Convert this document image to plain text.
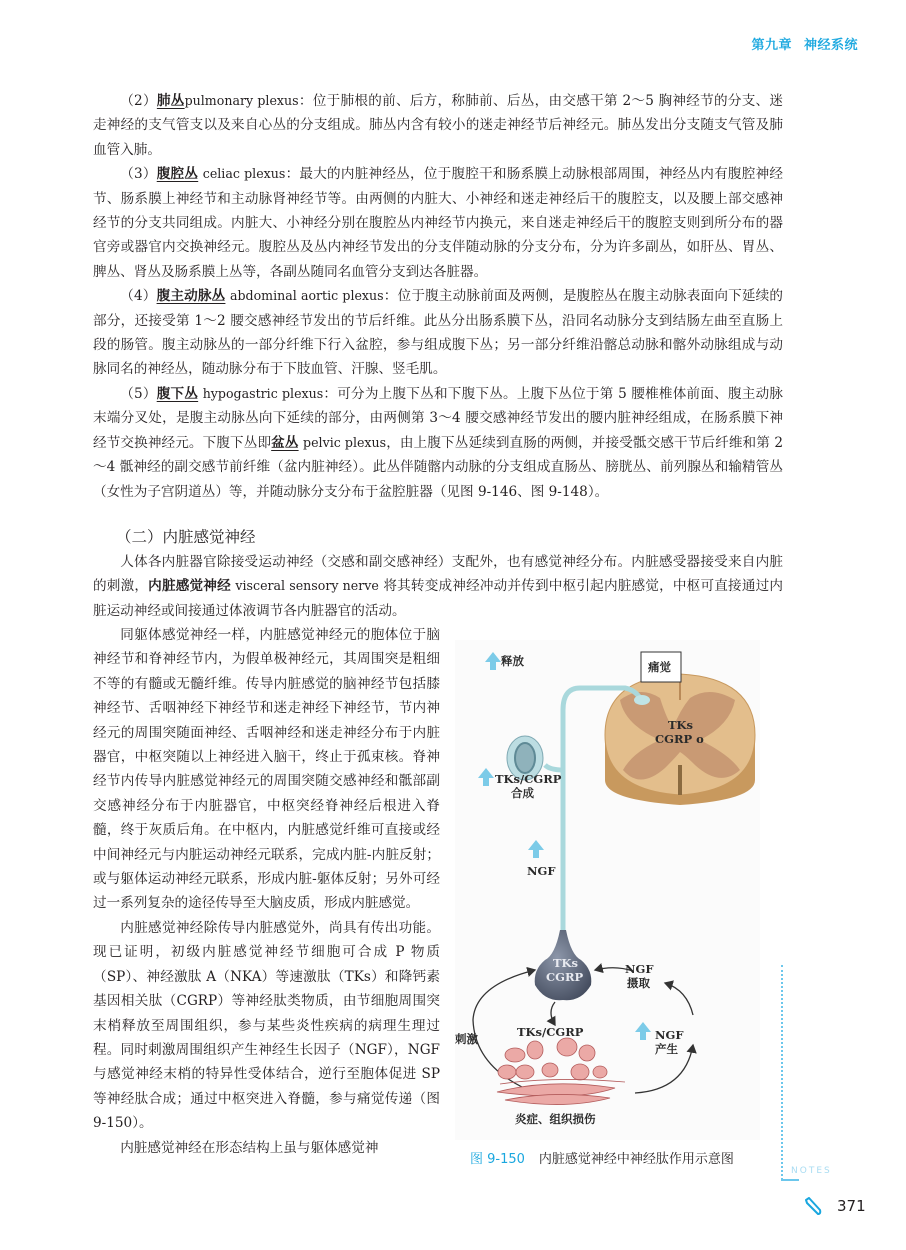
第九章 神经系统

（2）肺丛pulmonary plexus：位于肺根的前、后方，称肺前、后丛，由交感干第 2～5 胸神经节的分支、迷走神经的支气管支以及来自心丛的分支组成。肺丛内含有较小的迷走神经节后神经元。肺丛发出分支随支气管及肺血管入肺。

（3）腹腔丛 celiac plexus：最大的内脏神经丛，位于腹腔干和肠系膜上动脉根部周围，神经丛内有腹腔神经节、肠系膜上神经节和主动脉肾神经节等。由两侧的内脏大、小神经和迷走神经后干的腹腔支，以及腰上部交感神经节的分支共同组成。内脏大、小神经分别在腹腔丛内神经节内换元，来自迷走神经后干的腹腔支则到所分布的器官旁或器官内交换神经元。腹腔丛及丛内神经节发出的分支伴随动脉的分支分布，分为许多副丛，如肝丛、胃丛、脾丛、肾丛及肠系膜上丛等，各副丛随同名血管分支到达各脏器。

（4）腹主动脉丛 abdominal aortic plexus：位于腹主动脉前面及两侧，是腹腔丛在腹主动脉表面向下延续的部分，还接受第 1～2 腰交感神经节发出的节后纤维。此丛分出肠系膜下丛，沿同名动脉分支到结肠左曲至直肠上段的肠管。腹主动脉丛的一部分纤维下行入盆腔，参与组成腹下丛；另一部分纤维沿髂总动脉和髂外动脉组成与动脉同名的神经丛，随动脉分布于下肢血管、汗腺、竖毛肌。

（5）腹下丛 hypogastric plexus：可分为上腹下丛和下腹下丛。上腹下丛位于第 5 腰椎椎体前面、腹主动脉末端分叉处，是腹主动脉丛向下延续的部分，由两侧第 3～4 腰交感神经节发出的腰内脏神经组成，在肠系膜下神经节交换神经元。下腹下丛即盆丛 pelvic plexus，由上腹下丛延续到直肠的两侧，并接受骶交感干节后纤维和第 2～4 骶神经的副交感节前纤维（盆内脏神经）。此丛伴随髂内动脉的分支组成直肠丛、膀胱丛、前列腺丛和输精管丛（女性为子宫阴道丛）等，并随动脉分支分布于盆腔脏器（见图 9-146、图 9-148）。

（二）内脏感觉神经

人体各内脏器官除接受运动神经（交感和副交感神经）支配外，也有感觉神经分布。内脏感受器接受来自内脏的刺激，内脏感觉神经 visceral sensory nerve 将其转变成神经冲动并传到中枢引起内脏感觉，中枢可直接通过内脏运动神经或间接通过体液调节各内脏器官的活动。

同躯体感觉神经一样，内脏感觉神经元的胞体位于脑神经节和脊神经节内，为假单极神经元，其周围突是粗细不等的有髓或无髓纤维。传导内脏感觉的脑神经节包括膝神经节、舌咽神经下神经节和迷走神经下神经节，节内神经元的周围突随面神经、舌咽神经和迷走神经分布于内脏器官，中枢突随以上神经进入脑干，终止于孤束核。脊神经节内传导内脏感觉神经元的周围突随交感神经和骶部副交感神经分布于内脏器官，中枢突经脊神经后根进入脊髓，终于灰质后角。在中枢内，内脏感觉纤维可直接或经中间神经元与内脏运动神经元联系，完成内脏-内脏反射；或与躯体运动神经元联系，形成内脏-躯体反射；另外可经过一系列复杂的途径传导至大脑皮质，形成内脏感觉。

内脏感觉神经除传导内脏感觉外，尚具有传出功能。现已证明，初级内脏感觉神经节细胞可合成 P 物质（SP）、神经激肽 A（NKA）等速激肽（TKs）和降钙素基因相关肽（CGRP）等神经肽类物质，由节细胞周围突末梢释放至周围组织，参与某些炎性疾病的病理生理过程。同时刺激周围组织产生神经生长因子（NGF），NGF 与感觉神经末梢的特异性受体结合，逆行至胞体促进 SP 等神经肽合成；通过中枢突进入脊髓，参与痛觉传递（图 9-150）。

内脏感觉神经在形态结构上虽与躯体感觉神

释放	痛觉
TKs
CGRP o
TKs/CGRP
合成
NGF
TKs
CGRP
NGF
摄取
刺激	TKs/CGRP	NGF
产生
炎症、组织损伤
图 9-150 内脏感觉神经中神经肽作用示意图
NOTES
371
